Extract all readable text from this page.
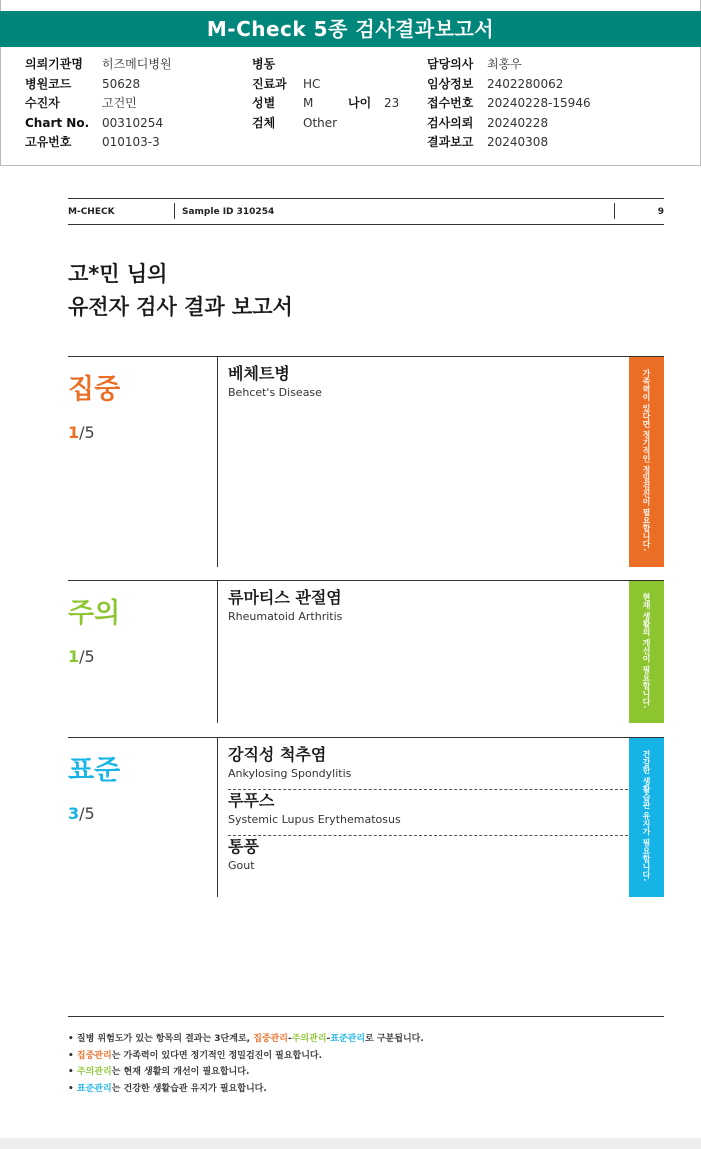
M-Check 5종 검사결과보고서
의뢰기관명 히즈메디병원
병원코드	50628
수진자	고건민
Chart No. 00310254
고유번호	010103-3
병동
진료과 HC
성별 M	나이 23
검체 Other
담당의사 최홍우
임상정보 2402280062
접수번호 20240228-15946
검사의뢰 20240228
결과보고 20240308
M-CHECK	Sample ID 310254	9
고*민 님의
유전자 검사 결과 보고서
집중
1/5
베체트병
Behcet's Disease	가족력이 있다면 정기적인 정밀검진이 필요합니다.
주의
1/5
류마티스 관절염
Rheumatoid Arthritis	현재 생활의 개선이 필요합니다.
표준
3/5
강직성 척추염
Ankylosing Spondylitis
루푸스
Systemic Lupus Erythematosus
통풍
Gout	건강한 생활습관 유지가 필요합니다.
• 질병 위험도가 있는 항목의 결과는 3단계로, 집중관리-주의관리-표준관리로 구분됩니다.
• 집중관리는 가족력이 있다면 정기적인 정밀검진이 필요합니다.
• 주의관리는 현재 생활의 개선이 필요합니다.
• 표준관리는 건강한 생활습관 유지가 필요합니다.
